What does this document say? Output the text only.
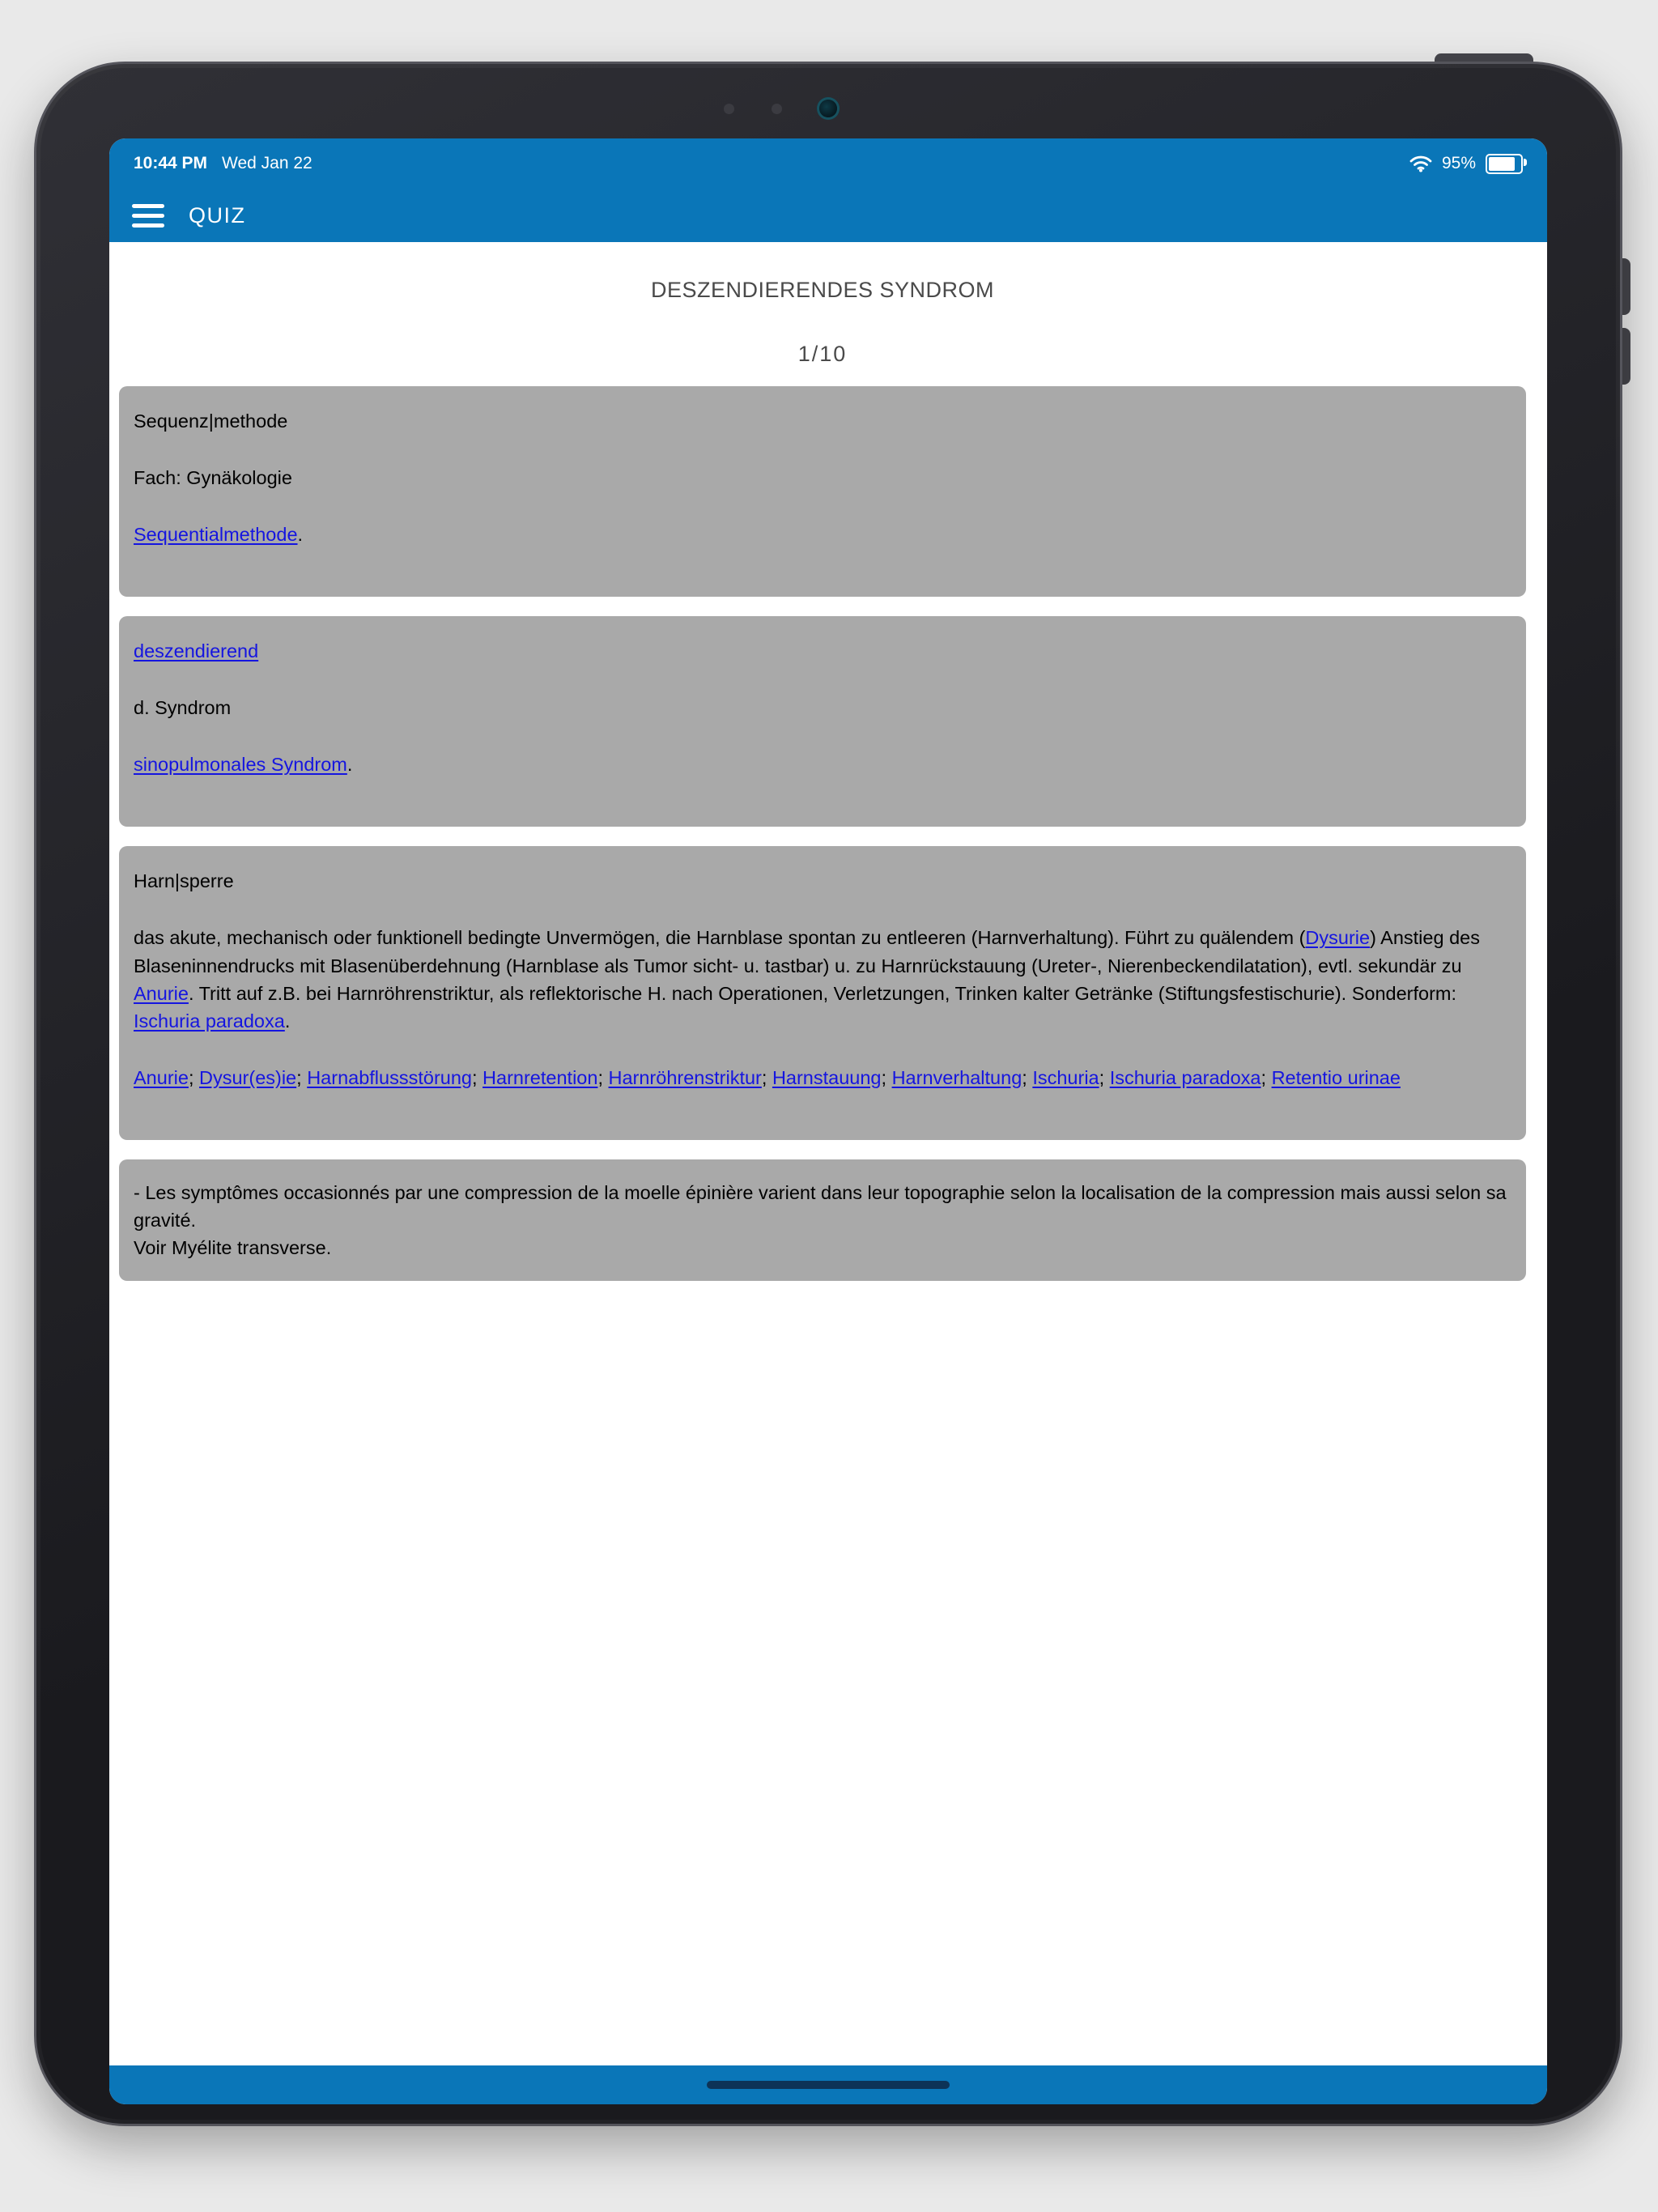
10:44 PM Wed Jan 22	95%
QUIZ
DESZENDIERENDES SYNDROM
1/10

Sequenz|methode

Fach: Gynäkologie

Sequentialmethode.

deszendierend

d. Syndrom

sinopulmonales Syndrom.

Harn|sperre

das akute, mechanisch oder funktionell bedingte Unvermögen, die Harnblase spontan zu entleeren (Harnverhaltung). Führt zu quälendem (Dysurie) Anstieg des Blaseninnendrucks mit Blasenüberdehnung (Harnblase als Tumor sicht- u. tastbar) u. zu Harnrückstauung (Ureter-, Nierenbeckendilatation), evtl. sekundär zu Anurie. Tritt auf z.B. bei Harnröhrenstriktur, als reflektorische H. nach Operationen, Verletzungen, Trinken kalter Getränke (Stiftungsfestischurie). Sonderform: Ischuria paradoxa.

Anurie; Dysur(es)ie; Harnabflussstörung; Harnretention; Harnröhrenstriktur; Harnstauung; Harnverhaltung; Ischuria; Ischuria paradoxa; Retentio urinae

- Les symptômes occasionnés par une compression de la moelle épinière varient dans leur topographie selon la localisation de la compression mais aussi selon sa gravité.

Voir Myélite transverse.
